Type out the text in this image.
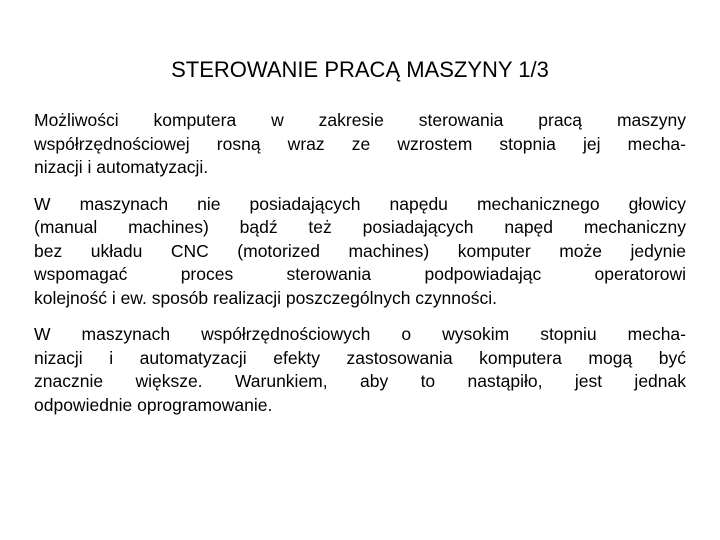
STEROWANIE PRACĄ MASZYNY 1/3

Możliwości komputera w zakresie sterowania pracą maszyny
współrzędnościowej rosną wraz ze wzrostem stopnia jej mecha-
nizacji i automatyzacji.

W maszynach nie posiadających napędu mechanicznego głowicy
(manual machines) bądź też posiadających napęd mechaniczny
bez układu CNC (motorized machines) komputer może jedynie
wspomagać proces sterowania podpowiadając operatorowi
kolejność i ew. sposób realizacji poszczególnych czynności.

W maszynach współrzędnościowych o wysokim stopniu mecha-
nizacji i automatyzacji efekty zastosowania komputera mogą być
znacznie większe. Warunkiem, aby to nastąpiło, jest jednak
odpowiednie oprogramowanie.
